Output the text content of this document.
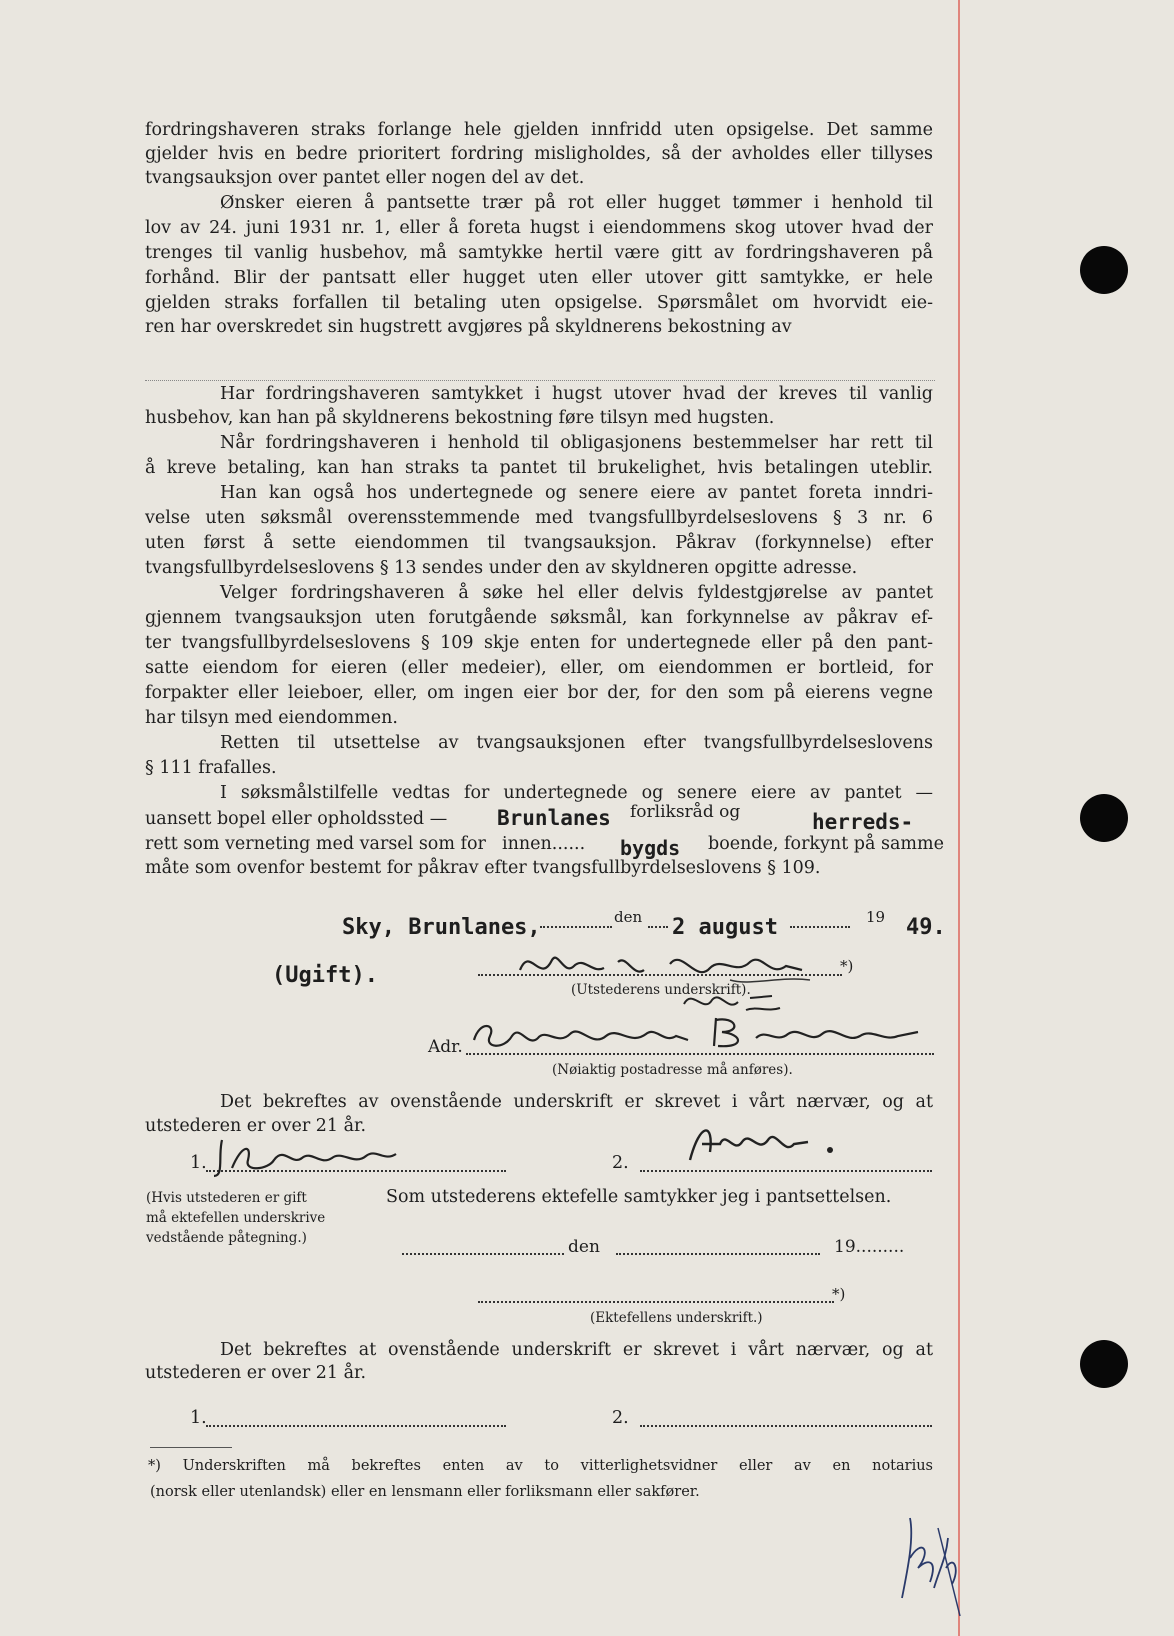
fordringshaveren straks forlange hele gjelden innfridd uten opsigelse. Det samme

gjelder hvis en bedre prioritert fordring misligholdes, så der avholdes eller tillyses

tvangsauksjon over pantet eller nogen del av det.

Ønsker eieren å pantsette trær på rot eller hugget tømmer i henhold til

lov av 24. juni 1931 nr. 1, eller å foreta hugst i eiendommens skog utover hvad der

trenges til vanlig husbehov, må samtykke hertil være gitt av fordringshaveren på

forhånd. Blir der pantsatt eller hugget uten eller utover gitt samtykke, er hele

gjelden straks forfallen til betaling uten opsigelse. Spørsmålet om hvorvidt eie-

ren har overskredet sin hugstrett avgjøres på skyldnerens bekostning av

Har fordringshaveren samtykket i hugst utover hvad der kreves til vanlig

husbehov, kan han på skyldnerens bekostning føre tilsyn med hugsten.

Når fordringshaveren i henhold til obligasjonens bestemmelser har rett til

å kreve betaling, kan han straks ta pantet til brukelighet, hvis betalingen uteblir.

Han kan også hos undertegnede og senere eiere av pantet foreta inndri-

velse uten søksmål overensstemmende med tvangsfullbyrdelseslovens § 3 nr. 6

uten først å sette eiendommen til tvangsauksjon. Påkrav (forkynnelse) efter

tvangsfullbyrdelseslovens § 13 sendes under den av skyldneren opgitte adresse.

Velger fordringshaveren å søke hel eller delvis fyldestgjørelse av pantet

gjennem tvangsauksjon uten forutgående søksmål, kan forkynnelse av påkrav ef-

ter tvangsfullbyrdelseslovens § 109 skje enten for undertegnede eller på den pant-

satte eiendom for eieren (eller medeier), eller, om eiendommen er bortleid, for

forpakter eller leieboer, eller, om ingen eier bor der, for den som på eierens vegne

har tilsyn med eiendommen.

Retten til utsettelse av tvangsauksjonen efter tvangsfullbyrdelseslovens

§ 111 frafalles.

I søksmålstilfelle vedtas for undertegnede og senere eiere av pantet —

uansett bopel eller opholdssted — Brunlanes forliksråd og	herreds-
rett som verneting med varsel som for innen...... bygds boende, forkynt på samme
måte som ovenfor bestemt for påkrav efter tvangsfullbyrdelseslovens § 109.
Sky, Brunlanes,	den 2 august	19 49.
(Ugift).	*)
(Utstederens underskrift).
Adr.
(Nøiaktig postadresse må anføres).

Det bekreftes av ovenstående underskrift er skrevet i vårt nærvær, og at

utstederen er over 21 år.
1.	2.
(Hvis utstederen er gift
må ektefellen underskrive
vedstående påtegning.)
Som utstederens ektefelle samtykker jeg i pantsettelsen.
den	19.........
*)
(Ektefellens underskrift.)

Det bekreftes at ovenstående underskrift er skrevet i vårt nærvær, og at

utstederen er over 21 år.
1.	2.
*) Underskriften må bekreftes enten av to vitterlighetsvidner eller av en notarius
(norsk eller utenlandsk) eller en lensmann eller forliksmann eller sakfører.
